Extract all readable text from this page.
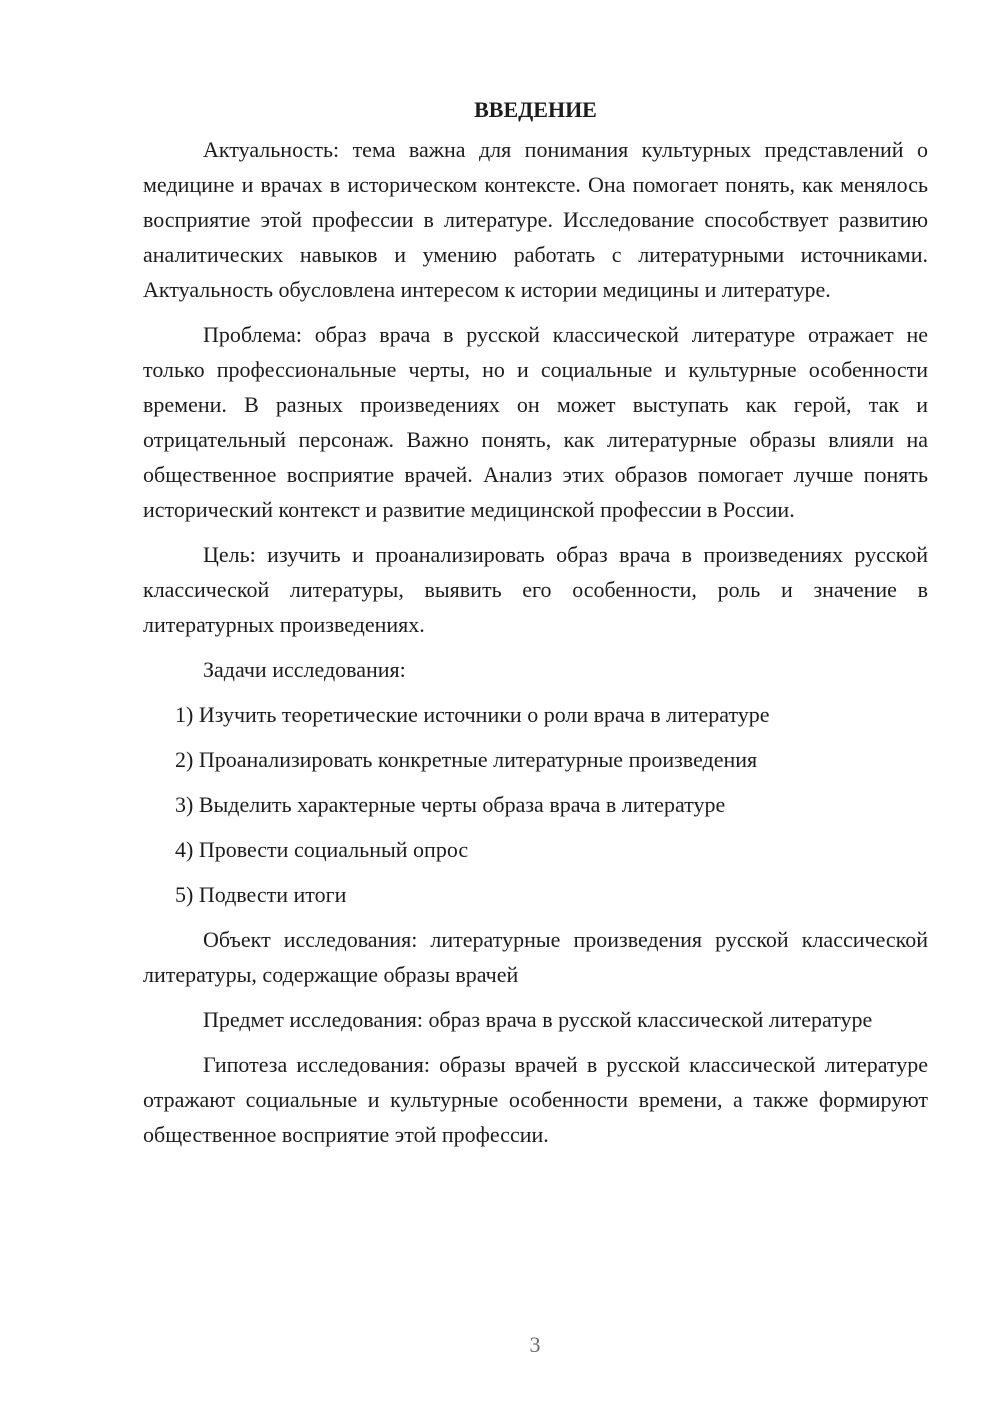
ВВЕДЕНИЕ

Актуальность: тема важна для понимания культурных представлений о медицине и врачах в историческом контексте. Она помогает понять, как менялось восприятие этой профессии в литературе. Исследование способствует развитию аналитических навыков и умению работать с литературными источниками. Актуальность обусловлена интересом к истории медицины и литературе.

Проблема: образ врача в русской классической литературе отражает не только профессиональные черты, но и социальные и культурные особенности времени. В разных произведениях он может выступать как герой, так и отрицательный персонаж. Важно понять, как литературные образы влияли на общественное восприятие врачей. Анализ этих образов помогает лучше понять исторический контекст и развитие медицинской профессии в России.

Цель: изучить и проанализировать образ врача в произведениях русской классической литературы, выявить его особенности, роль и значение в литературных произведениях.

Задачи исследования:

1) Изучить теоретические источники о роли врача в литературе
2) Проанализировать конкретные литературные произведения
3) Выделить характерные черты образа врача в литературе
4) Провести социальный опрос
5) Подвести итоги

Объект исследования: литературные произведения русской классической литературы, содержащие образы врачей

Предмет исследования: образ врача в русской классической литературе

Гипотеза исследования: образы врачей в русской классической литературе отражают социальные и культурные особенности времени, а также формируют общественное восприятие этой профессии.

3
